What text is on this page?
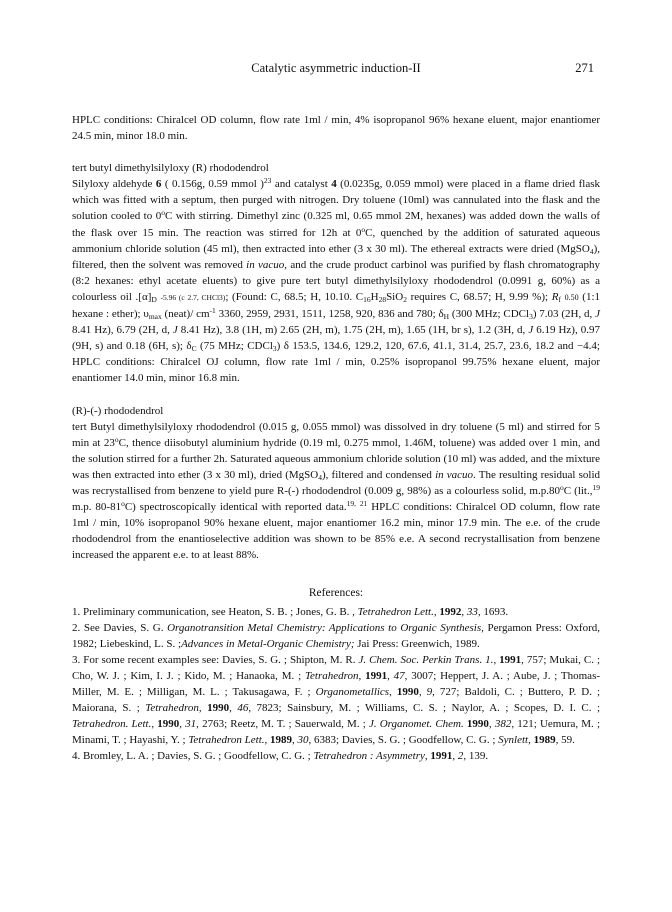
Catalytic asymmetric induction-II	271

HPLC conditions: Chiralcel OD column, flow rate 1ml / min, 4% isopropanol 96% hexane eluent, major enantiomer 24.5 min, minor 18.0 min.

tert butyl dimethylsilyloxy (R) rhododendrol

Silyloxy aldehyde 6 ( 0.156g, 0.59 mmol )$^{23}$ and catalyst 4 (0.0235g, 0.059 mmol) were placed in a flame dried flask which was fitted with a septum, then purged with nitrogen. Dry toluene (10ml) was cannulated into the flask and the solution cooled to 0$^o$C with stirring. Dimethyl zinc (0.325 ml, 0.65 mmol 2M, hexanes) was added down the walls of the flask over 15 min. The reaction was stirred for 12h at 0$^o$C, quenched by the addition of saturated aqueous ammonium chloride solution (45 ml), then extracted into ether (3 x 30 ml). The ethereal extracts were dried (MgSO$_4$), filtered, then the solvent was removed in vacuo, and the crude product carbinol was purified by flash chromatography (8:2 hexanes: ethyl acetate eluents) to give pure tert butyl dimethylsilyloxy rhododendrol (0.0991 g, 60%) as a colourless oil $.[\alpha]_D$ -5.96 (c 2.7, CHCl3); (Found: C, 68.5; H, 10.10. $C_{16}H_{28}SiO_2$ requires C, 68.57; H, 9.99 %); $R_f$ 0.50 (1:1 hexane : ether); $\upsilon_{max}$ (neat)/ $cm^{-1}$ 3360, 2959, 2931, 1511, 1258, 920, 836 and 780; $\delta_H$ (300 MHz; CDCl$_3$) 7.03 (2H, d, J 8.41 Hz), 6.79 (2H, d, J 8.41 Hz), 3.8 (1H, m) 2.65 (2H, m), 1.75 (2H, m), 1.65 (1H, br s), 1.2 (3H, d, J 6.19 Hz), 0.97 (9H, s) and 0.18 (6H, s); $\delta_C$ (75 MHz; CDCl$_3$) δ 153.5, 134.6, 129.2, 120, 67.6, 41.1, 31.4, 25.7, 23.6, 18.2 and −4.4; HPLC conditions: Chiralcel OJ column, flow rate 1ml / min, 0.25% isopropanol 99.75% hexane eluent, major enantiomer 14.0 min, minor 16.8 min.

(R)-(-) rhododendrol

tert Butyl dimethylsilyloxy rhododendrol (0.015 g, 0.055 mmol) was dissolved in dry toluene (5 ml) and stirred for 5 min at 23$^o$C, thence diisobutyl aluminium hydride (0.19 ml, 0.275 mmol, 1.46M, toluene) was added over 1 min, and the solution stirred for a further 2h. Saturated aqueous ammonium chloride solution (10 ml) was added, and the mixture was then extracted into ether (3 x 30 ml), dried (MgSO$_4$), filtered and condensed in vacuo. The resulting residual solid was recrystallised from benzene to yield pure R-(-) rhododendrol (0.009 g, 98%) as a colourless solid, m.p.80$^o$C (lit.,$^{19}$ m.p. 80-81$^o$C) spectroscopically identical with reported data.$^{19,}$ $^{21}$ HPLC conditions: Chiralcel OD column, flow rate 1ml / min, 10% isopropanol 90% hexane eluent, major enantiomer 16.2 min, minor 17.9 min. The e.e. of the crude rhododendrol from the enantioselective addition was shown to be 85% e.e. A second recrystallisation from benzene increased the apparent e.e. to at least 88%.

References:

1. Preliminary communication, see Heaton, S. B. ; Jones, G. B. , Tetrahedron Lett., 1992, 33, 1693.

2. See Davies, S. G. Organotransition Metal Chemistry: Applications to Organic Synthesis, Pergamon Press: Oxford, 1982; Liebeskind, L. S. ;Advances in Metal-Organic Chemistry; Jai Press: Greenwich, 1989.

3. For some recent examples see: Davies, S. G. ; Shipton, M. R. J. Chem. Soc. Perkin Trans. 1., 1991, 757; Mukai, C. ; Cho, W. J. ; Kim, I. J. ; Kido, M. ; Hanaoka, M. ; Tetrahedron, 1991, 47, 3007; Heppert, J. A. ; Aube, J. ; Thomas-Miller, M. E. ; Milligan, M. L. ; Takusagawa, F. ; Organometallics, 1990, 9, 727; Baldoli, C. ; Buttero, P. D. ; Maiorana, S. ; Tetrahedron, 1990, 46, 7823; Sainsbury, M. ; Williams, C. S. ; Naylor, A. ; Scopes, D. I. C. ; Tetrahedron. Lett., 1990, 31, 2763; Reetz, M. T. ; Sauerwald, M. ; J. Organomet. Chem. 1990, 382, 121; Uemura, M. ; Minami, T. ; Hayashi, Y. ; Tetrahedron Lett., 1989, 30, 6383; Davies, S. G. ; Goodfellow, C. G. ; Synlett, 1989, 59.

4. Bromley, L. A. ; Davies, S. G. ; Goodfellow, C. G. ; Tetrahedron : Asymmetry, 1991, 2, 139.
